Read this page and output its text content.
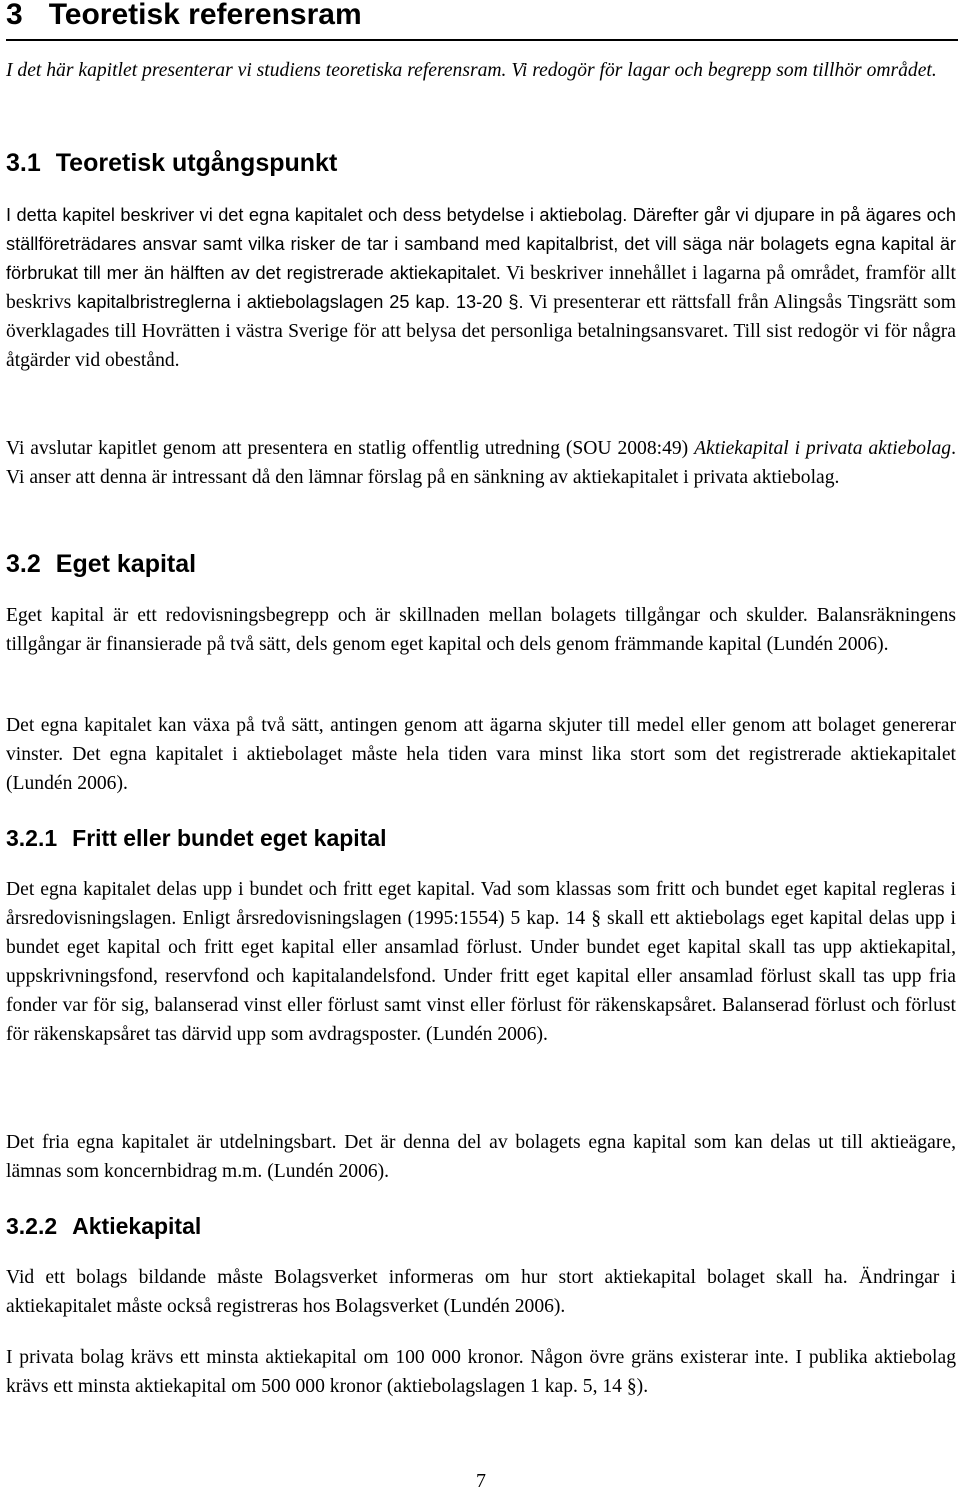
3 Teoretisk referensram

I det här kapitlet presenterar vi studiens teoretiska referensram. Vi redogör för lagar och begrepp som tillhör området.

3.1 Teoretisk utgångspunkt

I detta kapitel beskriver vi det egna kapitalet och dess betydelse i aktiebolag. Därefter går vi djupare in på ägares och ställföreträdares ansvar samt vilka risker de tar i samband med kapitalbrist, det vill säga när bolagets egna kapital är förbrukat till mer än hälften av det registrerade aktiekapitalet. Vi beskriver innehållet i lagarna på området, framför allt beskrivs kapitalbristreglerna i aktiebolagslagen 25 kap. 13-20 §. Vi presenterar ett rättsfall från Alingsås Tingsrätt som överklagades till Hovrätten i västra Sverige för att belysa det personliga betalningsansvaret. Till sist redogör vi för några åtgärder vid obestånd.

Vi avslutar kapitlet genom att presentera en statlig offentlig utredning (SOU 2008:49) Aktiekapital i privata aktiebolag. Vi anser att denna är intressant då den lämnar förslag på en sänkning av aktiekapitalet i privata aktiebolag.

3.2 Eget kapital

Eget kapital är ett redovisningsbegrepp och är skillnaden mellan bolagets tillgångar och skulder. Balansräkningens tillgångar är finansierade på två sätt, dels genom eget kapital och dels genom främmande kapital (Lundén 2006).

Det egna kapitalet kan växa på två sätt, antingen genom att ägarna skjuter till medel eller genom att bolaget genererar vinster. Det egna kapitalet i aktiebolaget måste hela tiden vara minst lika stort som det registrerade aktiekapitalet (Lundén 2006).

3.2.1 Fritt eller bundet eget kapital

Det egna kapitalet delas upp i bundet och fritt eget kapital. Vad som klassas som fritt och bundet eget kapital regleras i årsredovisningslagen. Enligt årsredovisningslagen (1995:1554) 5 kap. 14 § skall ett aktiebolags eget kapital delas upp i bundet eget kapital och fritt eget kapital eller ansamlad förlust. Under bundet eget kapital skall tas upp aktiekapital, uppskrivningsfond, reservfond och kapitalandelsfond. Under fritt eget kapital eller ansamlad förlust skall tas upp fria fonder var för sig, balanserad vinst eller förlust samt vinst eller förlust för räkenskapsåret. Balanserad förlust och förlust för räkenskapsåret tas därvid upp som avdragsposter. (Lundén 2006).

Det fria egna kapitalet är utdelningsbart. Det är denna del av bolagets egna kapital som kan delas ut till aktieägare, lämnas som koncernbidrag m.m. (Lundén 2006).

3.2.2 Aktiekapital

Vid ett bolags bildande måste Bolagsverket informeras om hur stort aktiekapital bolaget skall ha. Ändringar i aktiekapitalet måste också registreras hos Bolagsverket (Lundén 2006).

I privata bolag krävs ett minsta aktiekapital om 100 000 kronor. Någon övre gräns existerar inte. I publika aktiebolag krävs ett minsta aktiekapital om 500 000 kronor (aktiebolagslagen 1 kap. 5, 14 §).

7
